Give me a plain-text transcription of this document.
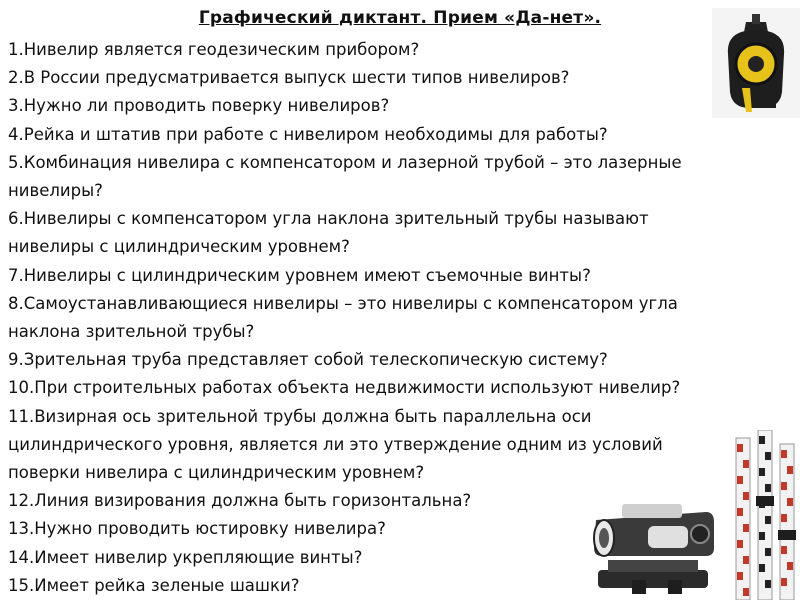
Графический диктант. Прием «Да-нет».
1.Нивелир является геодезическим прибором?
2.В России предусматривается выпуск шести типов нивелиров?
3.Нужно ли проводить поверку нивелиров?
4.Рейка и штатив при работе с нивелиром необходимы для работы?
5.Комбинация нивелира с компенсатором и лазерной трубой – это лазерные
нивелиры?
6.Нивелиры с компенсатором угла наклона зрительный трубы называют
нивелиры с цилиндрическим уровнем?
7.Нивелиры с цилиндрическим уровнем имеют съемочные винты?
8.Самоустанавливающиеся нивелиры – это нивелиры с компенсатором угла
наклона зрительной трубы?
9.Зрительная труба представляет собой телескопическую систему?
10.При строительных работах объекта недвижимости используют нивелир?
11.Визирная ось зрительной трубы должна быть параллельна оси
цилиндрического уровня, является ли это утверждение одним из условий
поверки нивелира с цилиндрическим уровнем?
12.Линия визирования должна быть горизонтальна?
13.Нужно проводить юстировку нивелира?
14.Имеет нивелир укрепляющие винты?
15.Имеет рейка зеленые шашки?
